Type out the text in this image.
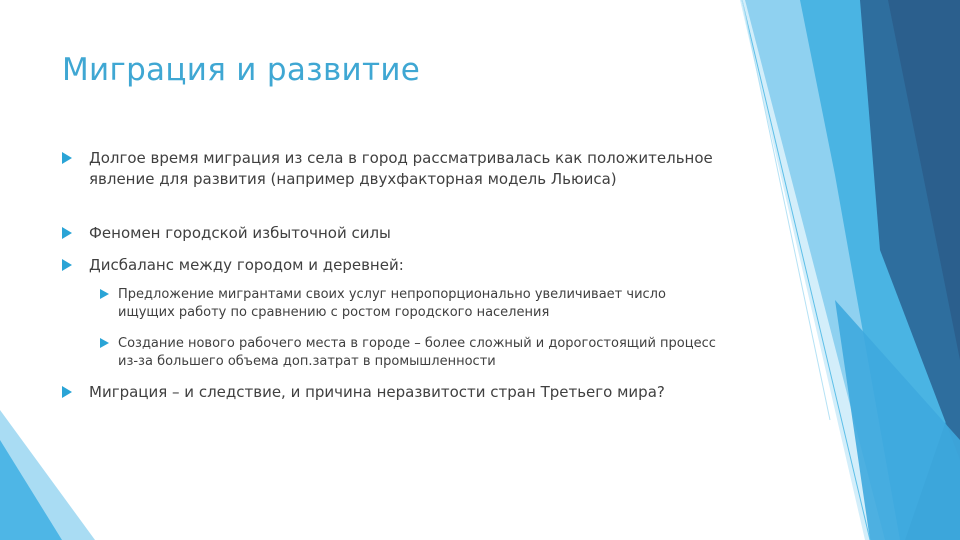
Миграция и развитие
Долгое время миграция из села в город рассматривалась как положительное явление для развития (например двухфакторная модель Льюиса)
Феномен городской избыточной силы
Дисбаланс между городом и деревней:
Предложение мигрантами своих услуг непропорционально увеличивает число ищущих работу по сравнению с ростом городского населения
Создание нового рабочего места в городе – более сложный и дорогостоящий процесс из-за большего объема доп.затрат в промышленности
Миграция – и следствие, и причина неразвитости стран Третьего мира?
